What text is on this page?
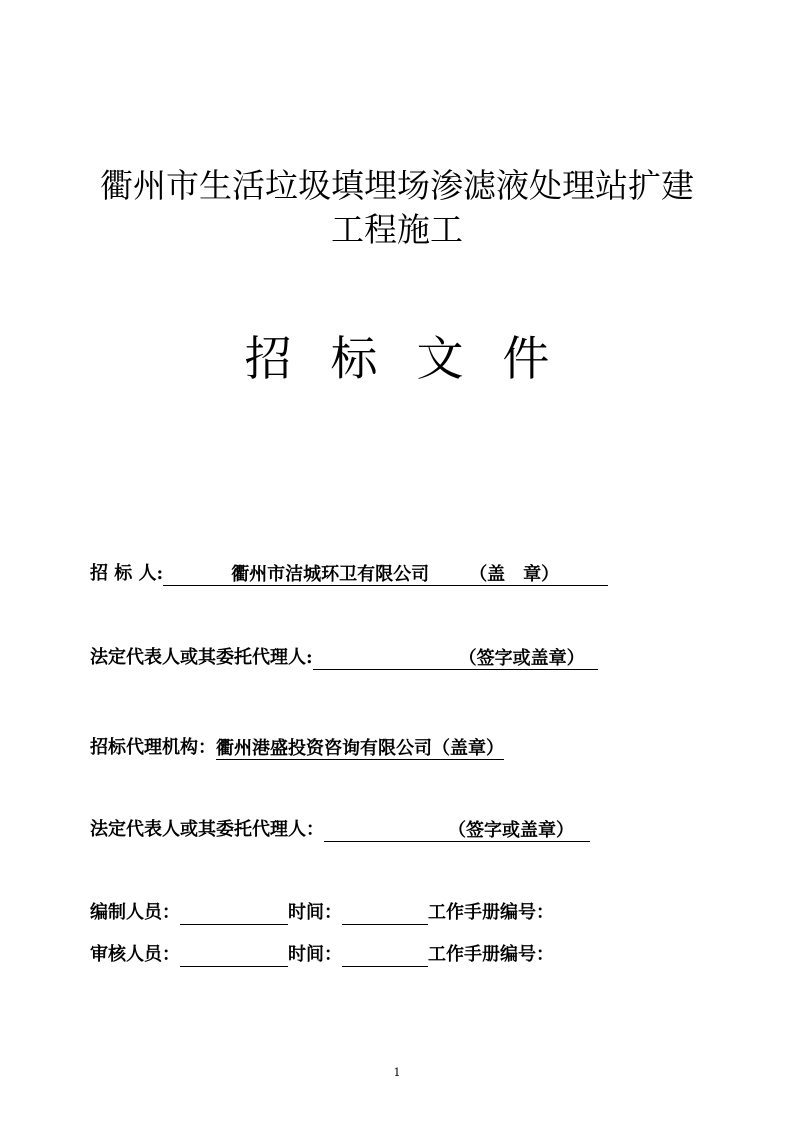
衢州市生活垃圾填埋场渗滤液处理站扩建
工程施工
招 标 文 件
招 标 人:	衢州市洁城环卫有限公司 （盖　章）
法定代表人或其委托代理人:	（签字或盖章）
招标代理机构：衢州港盛投资咨询有限公司（盖章）
法定代表人或其委托代理人：	（签字或盖章）
编制人员：	时间：	工作手册编号：
审核人员：	时间：	工作手册编号：
1
